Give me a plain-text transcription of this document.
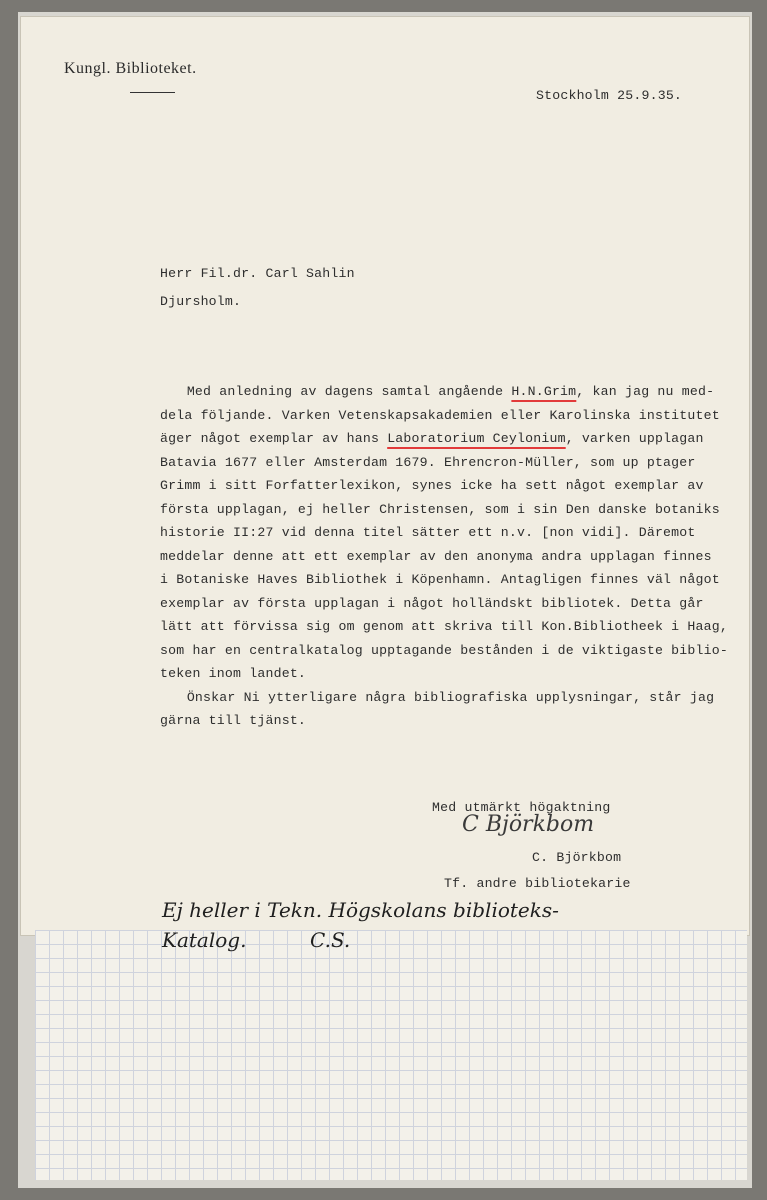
Kungl. Biblioteket.
Stockholm 25.9.35.
Herr Fil.dr. Carl Sahlin
Djursholm.

  Med anledning av dagens samtal angående H.N.Grim, kan jag nu med-
dela följande. Varken Vetenskapsakademien eller Karolinska institutet
äger något exemplar av hans Laboratorium Ceylonium, varken upplagan
Batavia 1677 eller Amsterdam 1679. Ehrencron-Müller, som up ptager
Grimm i sitt Forfatterlexikon, synes icke ha sett något exemplar av
första upplagan, ej heller Christensen, som i sin Den danske botaniks
historie II:27 vid denna titel sätter ett n.v. [non vidi]. Däremot
meddelar denne att ett exemplar av den anonyma andra upplagan finnes
i Botaniske Haves Bibliothek i Köpenhamn. Antagligen finnes väl något
exemplar av första upplagan i något holländskt bibliotek. Detta går
lätt att förvissa sig om genom att skriva till Kon.Bibliotheek i Haag,
som har en centralkatalog upptagande bestånden i de viktigaste biblio-
teken inom landet.

  Önskar Ni ytterligare några bibliografiska upplysningar, står jag
gärna till tjänst.

Med utmärkt högaktning
C. Björkbom
Tf. andre bibliotekarie
C Björkbom
Ej heller i Tekn. Högskolans biblioteks-
Katalog.          C.S.
